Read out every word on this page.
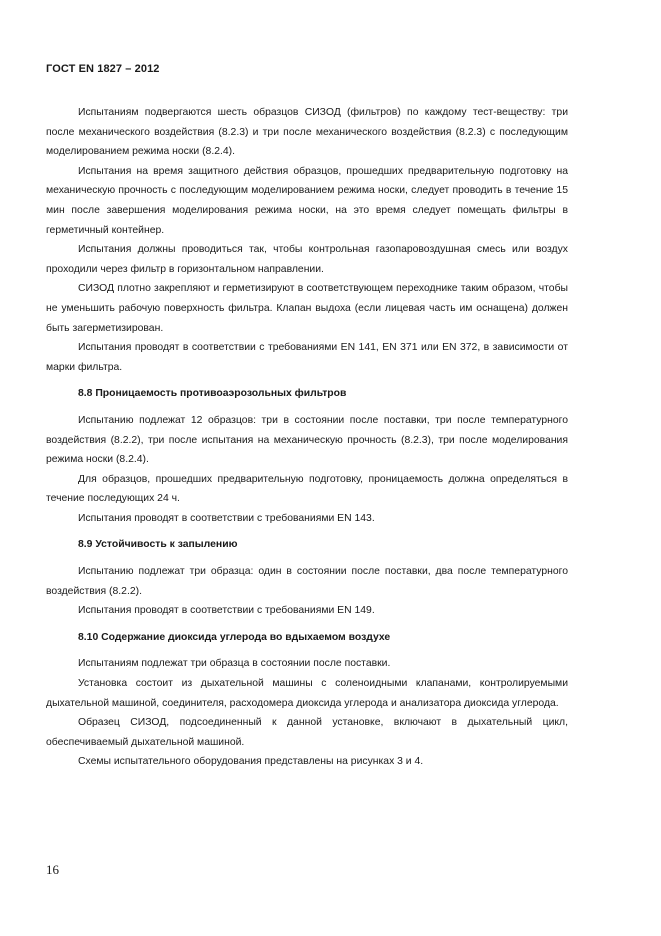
ГОСТ EN 1827 – 2012

Испытаниям подвергаются шесть образцов СИЗОД (фильтров) по каждому тест-веществу: три после механического воздействия (8.2.3) и три после механического воздействия (8.2.3) с последующим моделированием режима носки (8.2.4).

Испытания на время защитного действия образцов, прошедших предварительную подготовку на механическую прочность с последующим моделированием режима носки, следует проводить в течение 15 мин после завершения моделирования режима носки, на это время следует помещать фильтры в герметичный контейнер.

Испытания должны проводиться так, чтобы контрольная газопаровоздушная смесь или воздух проходили через фильтр в горизонтальном направлении.

СИЗОД плотно закрепляют и герметизируют в соответствующем переходнике таким образом, чтобы не уменьшить рабочую поверхность фильтра. Клапан выдоха (если лицевая часть им оснащена) должен быть загерметизирован.

Испытания проводят в соответствии с требованиями EN 141, EN 371 или EN 372, в зависимости от марки фильтра.

8.8 Проницаемость противоаэрозольных фильтров

Испытанию подлежат 12 образцов: три в состоянии после поставки, три после температурного воздействия (8.2.2), три после испытания на механическую прочность (8.2.3), три после моделирования режима носки (8.2.4).

Для образцов, прошедших предварительную подготовку, проницаемость должна определяться в течение последующих 24 ч.

Испытания проводят в соответствии с требованиями EN 143.

8.9 Устойчивость к запылению

Испытанию подлежат три образца: один в состоянии после поставки, два после температурного воздействия (8.2.2).

Испытания проводят в соответствии с требованиями EN 149.

8.10 Содержание диоксида углерода во вдыхаемом воздухе

Испытаниям подлежат три образца в состоянии после поставки.

Установка состоит из дыхательной машины с соленоидными клапанами, контролируемыми дыхательной машиной, соединителя, расходомера диоксида углерода и анализатора диоксида углерода.

Образец СИЗОД, подсоединенный к данной установке, включают в дыхательный цикл, обеспечиваемый дыхательной машиной.

Схемы испытательного оборудования представлены на рисунках 3 и 4.

16
